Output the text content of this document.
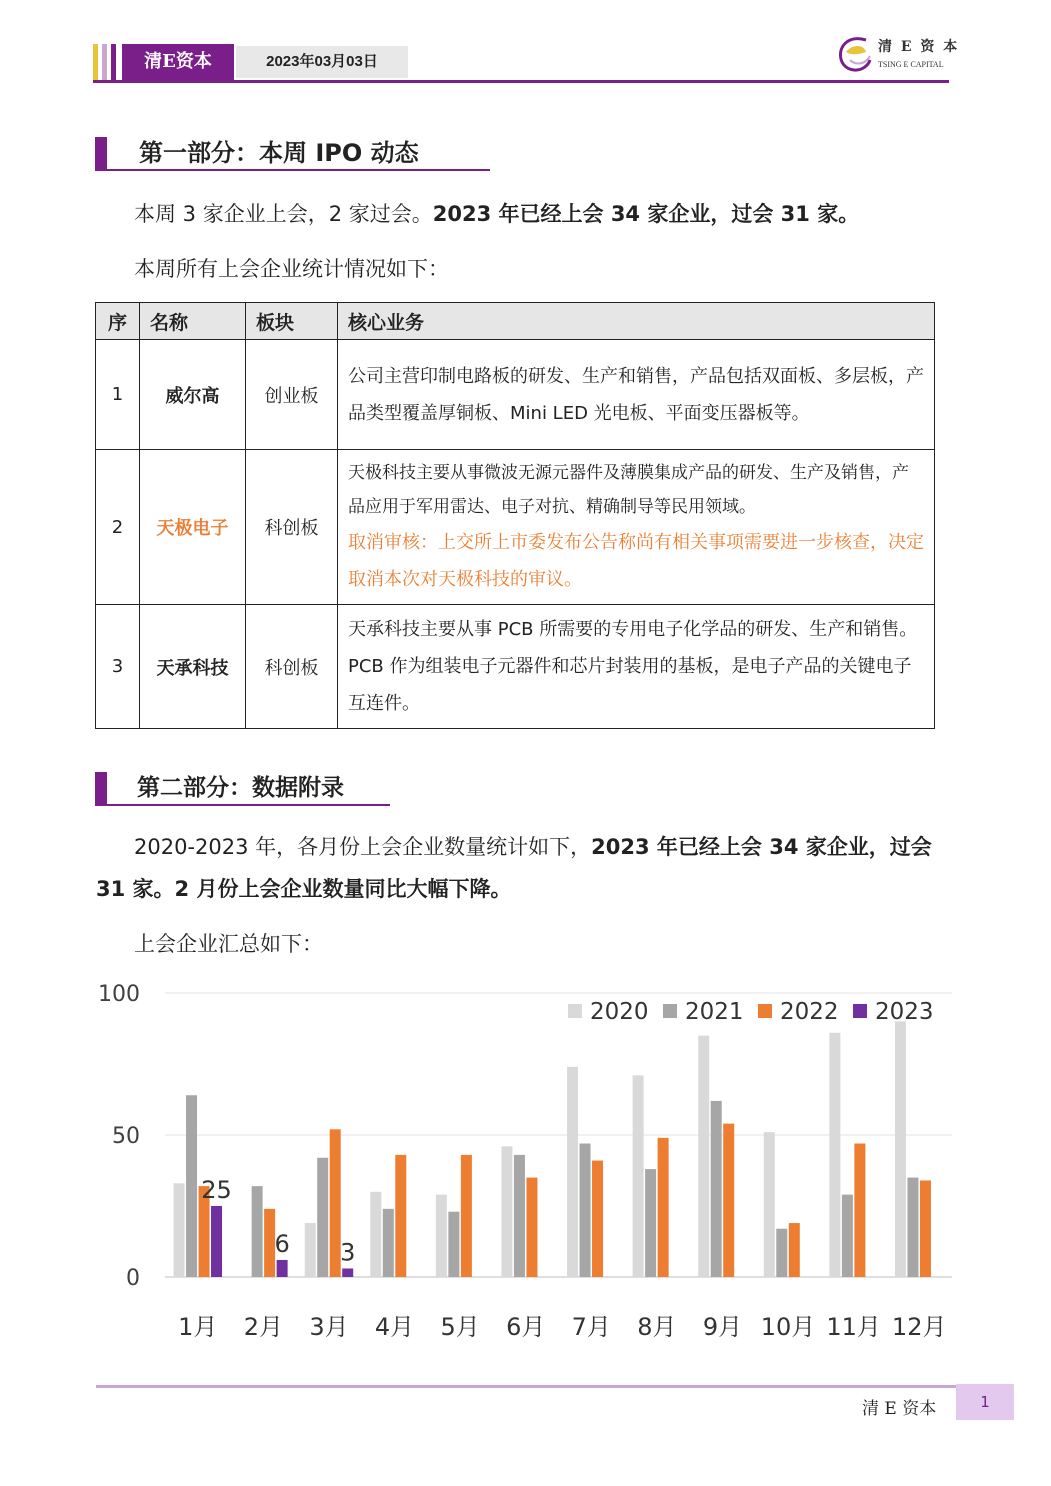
清E资本	2023年03月03日
清 E 资 本
TSING E CAPITAL
第一部分：本周 IPO 动态

本周 3 家企业上会，2 家过会。2023 年已经上会 34 家企业，过会 31 家。

本周所有上会企业统计情况如下：

序	名称	板块	核心业务
1	威尔高	创业板	公司主营印制电路板的研发、生产和销售，产品包括双面板、多层板，产品类型覆盖厚铜板、Mini LED 光电板、平面变压器板等。
2	天极电子	科创板	天极科技主要从事微波无源元器件及薄膜集成产品的研发、生产及销售，产品应用于军用雷达、电子对抗、精确制导等民用领域。
取消审核：上交所上市委发布公告称尚有相关事项需要进一步核查，决定取消本次对天极科技的审议。

3	天承科技	科创板	天承科技主要从事 PCB 所需要的专用电子化学品的研发、生产和销售。PCB 作为组装电子元器件和芯片封装用的基板，是电子产品的关键电子互连件。
第二部分：数据附录

2020-2023 年，各月份上会企业数量统计如下，2023 年已经上会 34 家企业，过会 31 家。2 月份上会企业数量同比大幅下降。

上会企业汇总如下：

0
50
100
1月 2月 3月 4月 5月 6月 7月 8月 9月 10月 11月 12月
25
6 3
2020 2021 2022 2023
清 E 资本	1
